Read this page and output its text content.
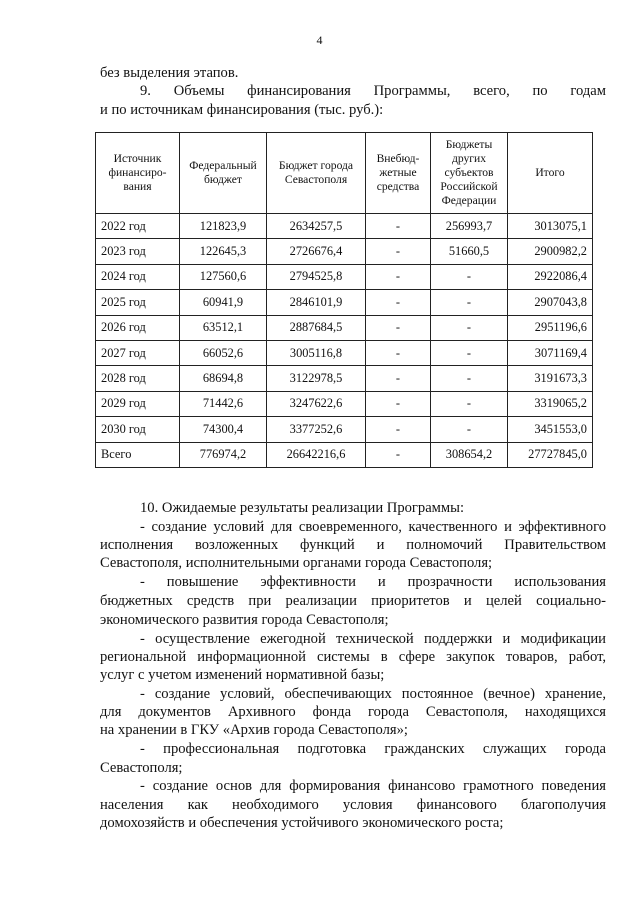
4
без выделения этапов.
9. Объемы финансирования Программы, всего, по годам
и по источникам финансирования (тыс. руб.):
Источник финансиро-вания	Федеральный бюджет	Бюджет города Севастополя	Внебюд-жетные средства	Бюджеты других субъектов Российской Федерации	Итого
2022 год	121823,9	2634257,5	-	256993,7	3013075,1
2023 год	122645,3	2726676,4	-	51660,5	2900982,2
2024 год	127560,6	2794525,8	-	-	2922086,4
2025 год	60941,9	2846101,9	-	-	2907043,8
2026 год	63512,1	2887684,5	-	-	2951196,6
2027 год	66052,6	3005116,8	-	-	3071169,4
2028 год	68694,8	3122978,5	-	-	3191673,3
2029 год	71442,6	3247622,6	-	-	3319065,2
2030 год	74300,4	3377252,6	-	-	3451553,0
Всего	776974,2	26642216,6	-	308654,2	27727845,0
10. Ожидаемые результаты реализации Программы:
- создание условий для своевременного, качественного и эффективного
исполнения возложенных функций и полномочий Правительством
Севастополя, исполнительными органами города Севастополя;
- повышение эффективности и прозрачности использования
бюджетных средств при реализации приоритетов и целей социально-
экономического развития города Севастополя;
- осуществление ежегодной технической поддержки и модификации
региональной информационной системы в сфере закупок товаров, работ,
услуг с учетом изменений нормативной базы;
- создание условий, обеспечивающих постоянное (вечное) хранение,
для документов Архивного фонда города Севастополя, находящихся
на хранении в ГКУ «Архив города Севастополя»;
- профессиональная подготовка гражданских служащих города
Севастополя;
- создание основ для формирования финансово грамотного поведения
населения как необходимого условия финансового благополучия
домохозяйств и обеспечения устойчивого экономического роста;
